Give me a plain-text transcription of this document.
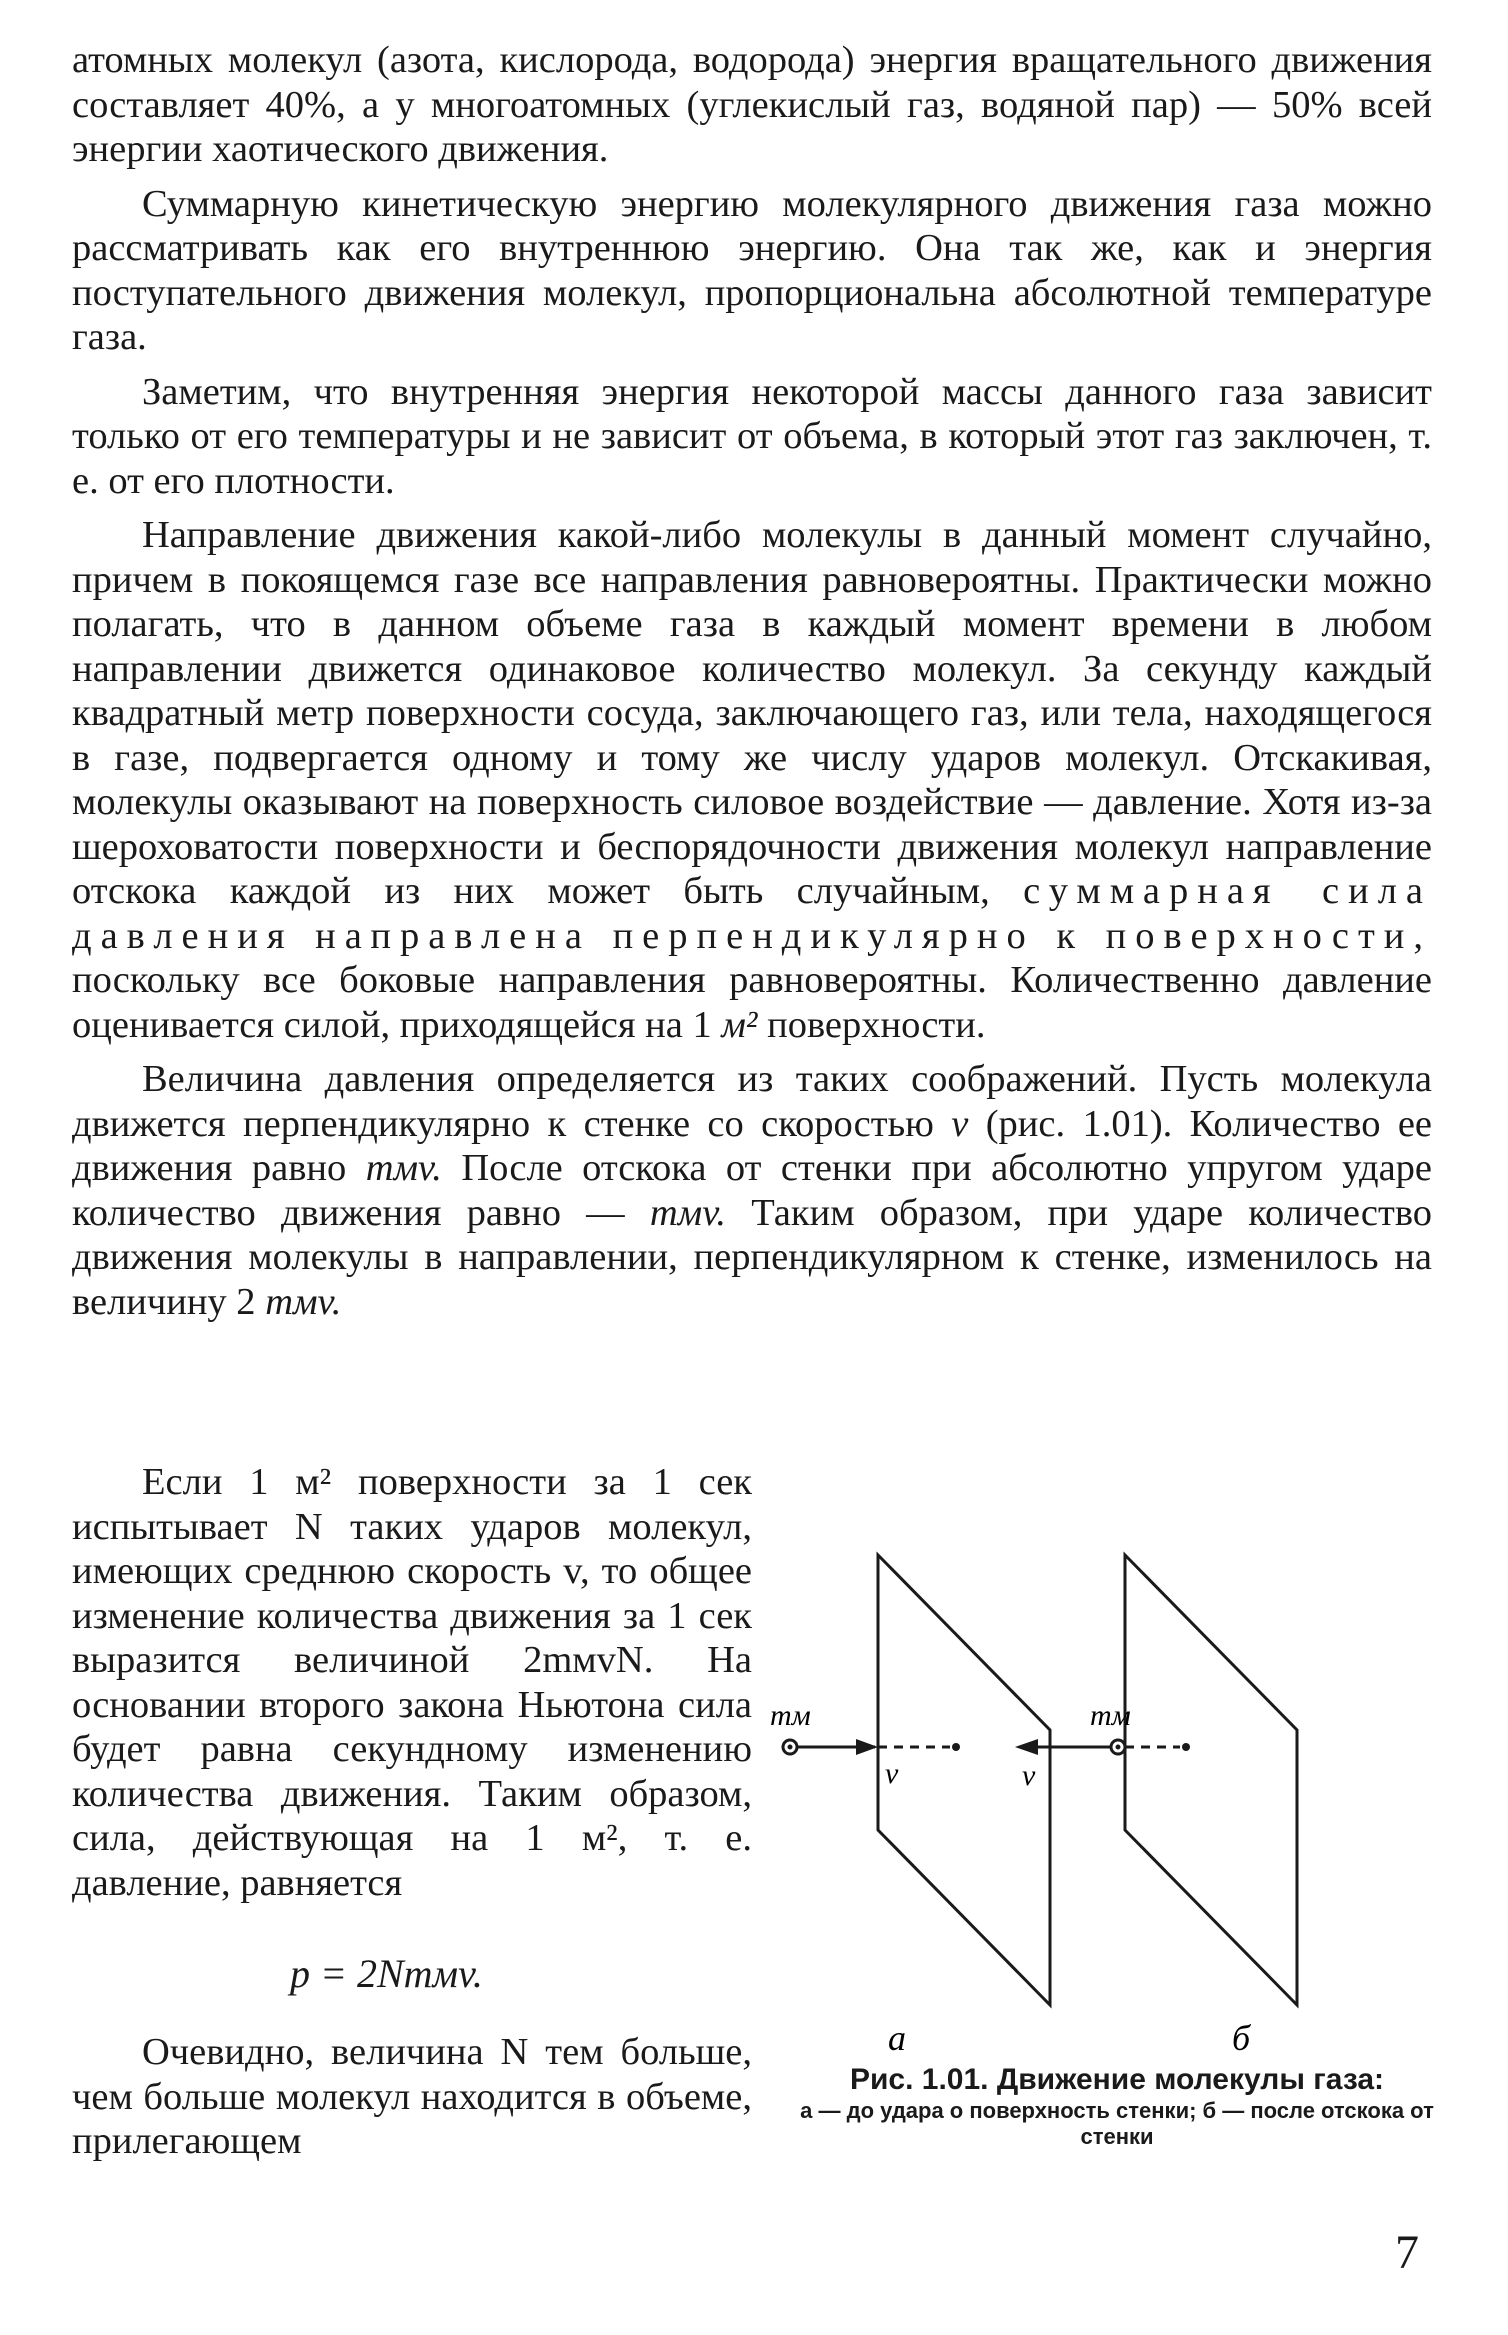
атомных молекул (азота, кислорода, водорода) энергия вращательного движения составляет 40%, а у многоатомных (углекислый газ, водяной пар) — 50% всей энергии хаотического движения.

Суммарную кинетическую энергию молекулярного движения газа можно рассматривать как его внутреннюю энергию. Она так же, как и энергия поступательного движения молекул, пропорциональна абсолютной температуре газа.

Заметим, что внутренняя энергия некоторой массы данного газа зависит только от его температуры и не зависит от объема, в который этот газ заключен, т. е. от его плотности.

Направление движения какой-либо молекулы в данный момент случайно, причем в покоящемся газе все направления равновероятны. Практически можно полагать, что в данном объеме газа в каждый момент времени в любом направлении движется одинаковое количество молекул. За секунду каждый квадратный метр поверхности сосуда, заключающего газ, или тела, находящегося в газе, подвергается одному и тому же числу ударов молекул. Отскакивая, молекулы оказывают на поверхность силовое воздействие — давление. Хотя из-за шероховатости поверхности и беспорядочности движения молекул направление отскока каждой из них может быть случайным, суммарная сила давления направлена перпендикулярно к поверхности, поскольку все боковые направления равновероятны. Количественно давление оценивается силой, приходящейся на 1 м² поверхности.

Величина давления определяется из таких соображений. Пусть молекула движется перпендикулярно к стенке со скоростью v (рис. 1.01). Количество ее движения равно mмv. После отскока от стенки при абсолютно упругом ударе количество движения равно — mмv. Таким образом, при ударе количество движения молекулы в направлении, перпендикулярном к стенке, изменилось на величину 2 mмv.

Если 1 м² поверхности за 1 сек испытывает N таких ударов молекул, имеющих среднюю скорость v, то общее изменение количества движения за 1 сек выразится величиной 2mмvN. На основании второго закона Ньютона сила будет равна секундному изменению количества движения. Таким образом, сила, действующая на 1 м², т. е. давление, равняется

p = 2Nmмv.

Очевидно, величина N тем больше, чем больше молекул находится в объеме, прилегающем

mм
v
mм
v
а	б
Рис. 1.01. Движение молекулы газа:
а — до удара о поверхность стенки; б — после отскока от стенки
7
